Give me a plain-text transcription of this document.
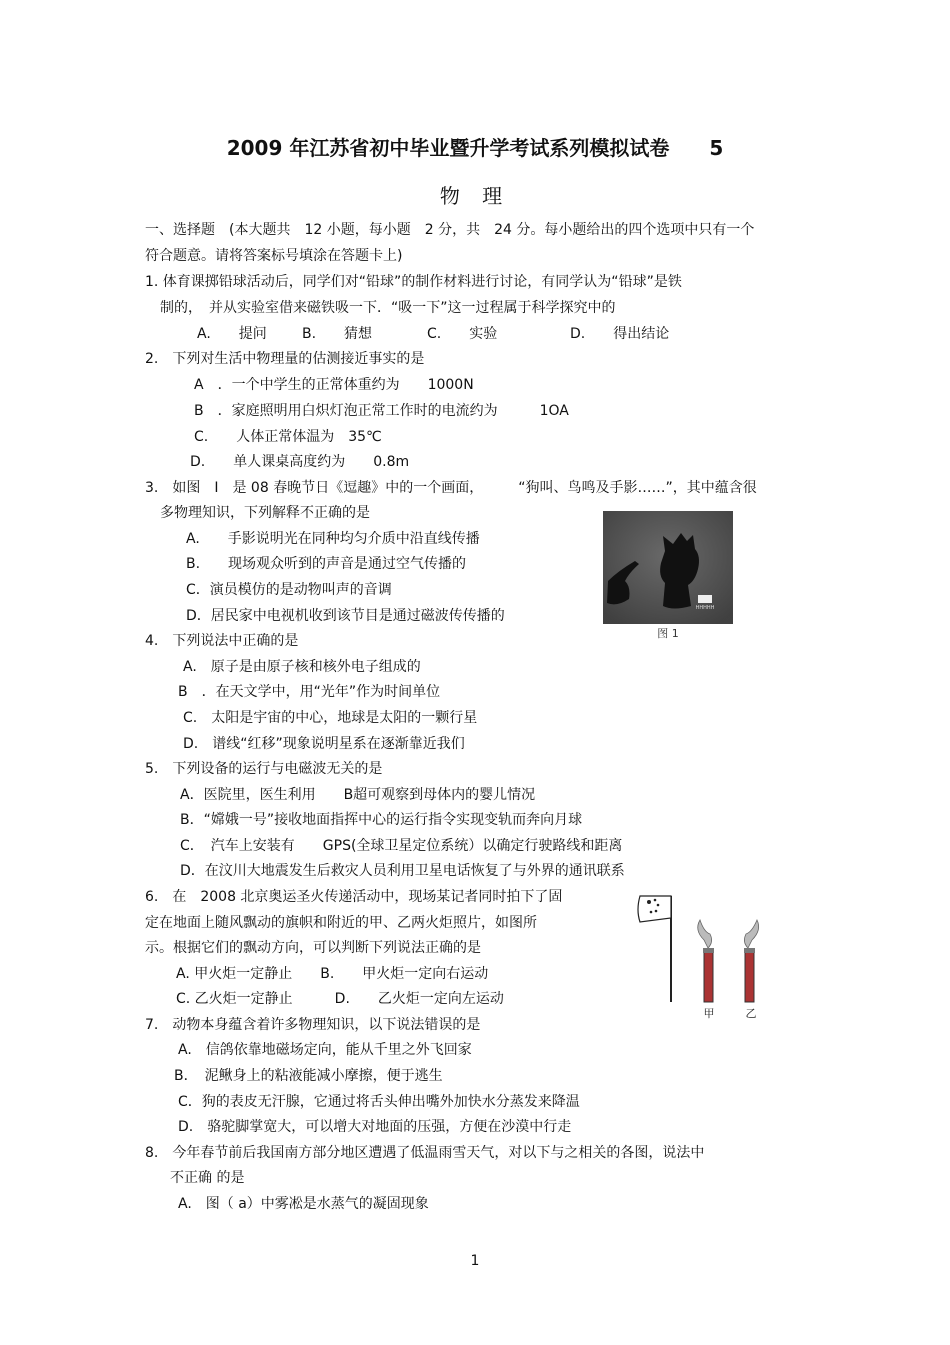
2009 年江苏省初中毕业暨升学考试系列模拟试卷　　5
物 理
一、选择题　(本大题共　12 小题，每小题　2 分，共　24 分。每小题给出的四个选项中只有一个
符合题意。请将答案标号填涂在答题卡上)
1. 体育课掷铅球活动后，同学们对“铅球”的制作材料进行讨论，有同学认为“铅球”是铁
制的，　并从实验室借来磁铁吸一下．“吸一下”这一过程属于科学探究中的
A.　　提问	B.　　猜想	C.　　实验	D.　　得出结论
2.　下列对生活中物理量的估测接近事实的是
A　．一个中学生的正常体重约为　　1000N
B　．家庭照明用白炽灯泡正常工作时的电流约为　　　1OA
C.　　人体正常体温为　35℃
D.　　单人课桌高度约为　　0.8m
3.　如图　I　是 08 春晚节日《逗趣》中的一个画面，　　　“狗叫、鸟鸣及手影……”，其中蕴含很
多物理知识，下列解释不正确的是
A.　　手影说明光在同种均匀介质中沿直线传播
B.　　现场观众听到的声音是通过空气传播的
C．演员模仿的是动物叫声的音调
D．居民家中电视机收到该节目是通过磁波传传播的	HHHHH
图 1
4.　下列说法中正确的是
A.　原子是由原子核和核外电子组成的
B　．在天文学中，用“光年”作为时间单位
C.　太阳是宇宙的中心，地球是太阳的一颗行星
D.　谱线“红移”现象说明星系在逐渐靠近我们
5.　下列设备的运行与电磁波无关的是
A．医院里，医生利用　　B超可观察到母体内的婴儿情况
B．“嫦娥一号”接收地面指挥中心的运行指令实现变轨而奔向月球
C．　汽车上安装有　　GPS(全球卫星定位系统）以确定行驶路线和距离
D．在汶川大地震发生后救灾人员利用卫星电话恢复了与外界的通讯联系
6.　在　2008 北京奥运圣火传递活动中，现场某记者同时拍下了固
定在地面上随风飘动的旗帜和附近的甲、乙两火炬照片，如图所
示。根据它们的飘动方向，可以判断下列说法正确的是
A. 甲火炬一定静止　　B.　　甲火炬一定向右运动
C. 乙火炬一定静止　　　D.　　乙火炬一定向左运动
甲	乙
7.　动物本身蕴含着许多物理知识，以下说法错误的是
A.　信鸽依靠地磁场定向，能从千里之外飞回家
B．　泥鳅身上的粘液能减小摩擦，便于逃生
C．狗的表皮无汗腺，它通过将舌头伸出嘴外加快水分蒸发来降温
D.　骆驼脚掌宽大，可以增大对地面的压强，方便在沙漠中行走
8.　今年春节前后我国南方部分地区遭遇了低温雨雪天气，对以下与之相关的各图，说法中
不正确 的是
A.　图（ a）中雾凇是水蒸气的凝固现象
1
